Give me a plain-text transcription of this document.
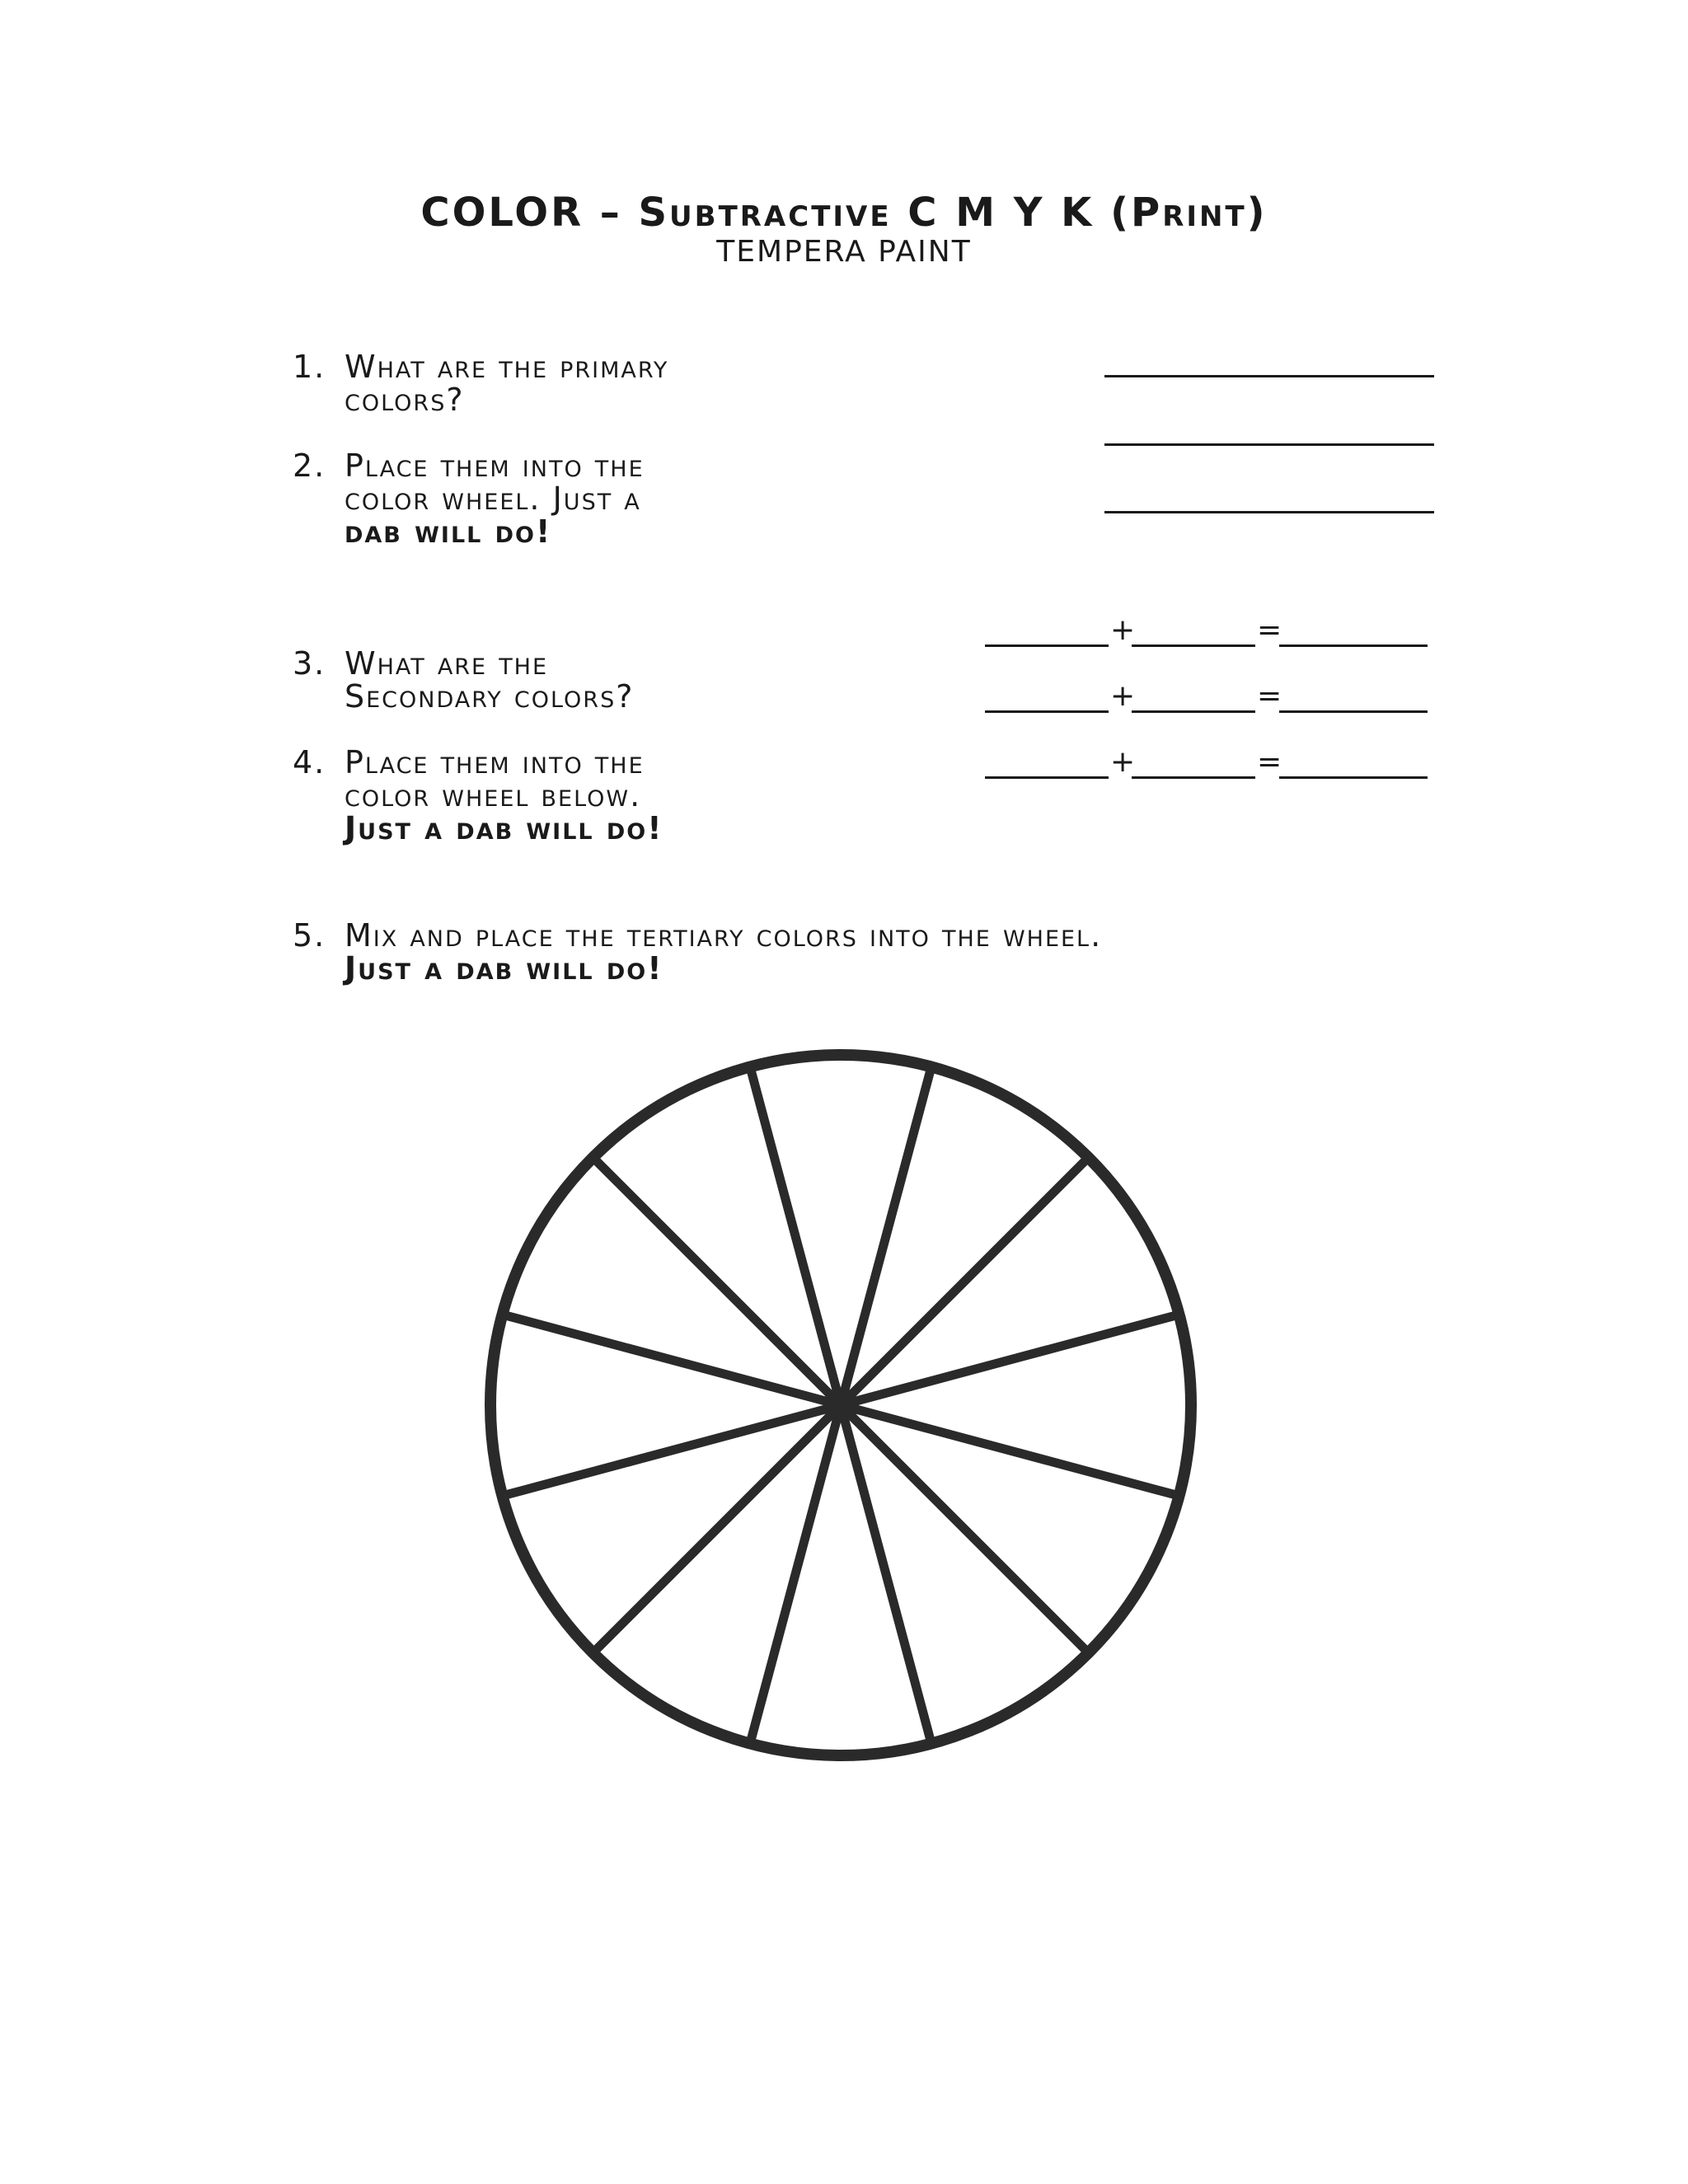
COLOR – Subtractive C M Y K (Print)
TEMPERA PAINT
1. What are the primary
colors?
2. Place them into the
color wheel. Just a
dab will do!
3. What are the
Secondary colors?
4. Place them into the
color wheel below.
Just a dab will do!
+	=
+	=
+	=
5. Mix and place the tertiary colors into the wheel.
Just a dab will do!
